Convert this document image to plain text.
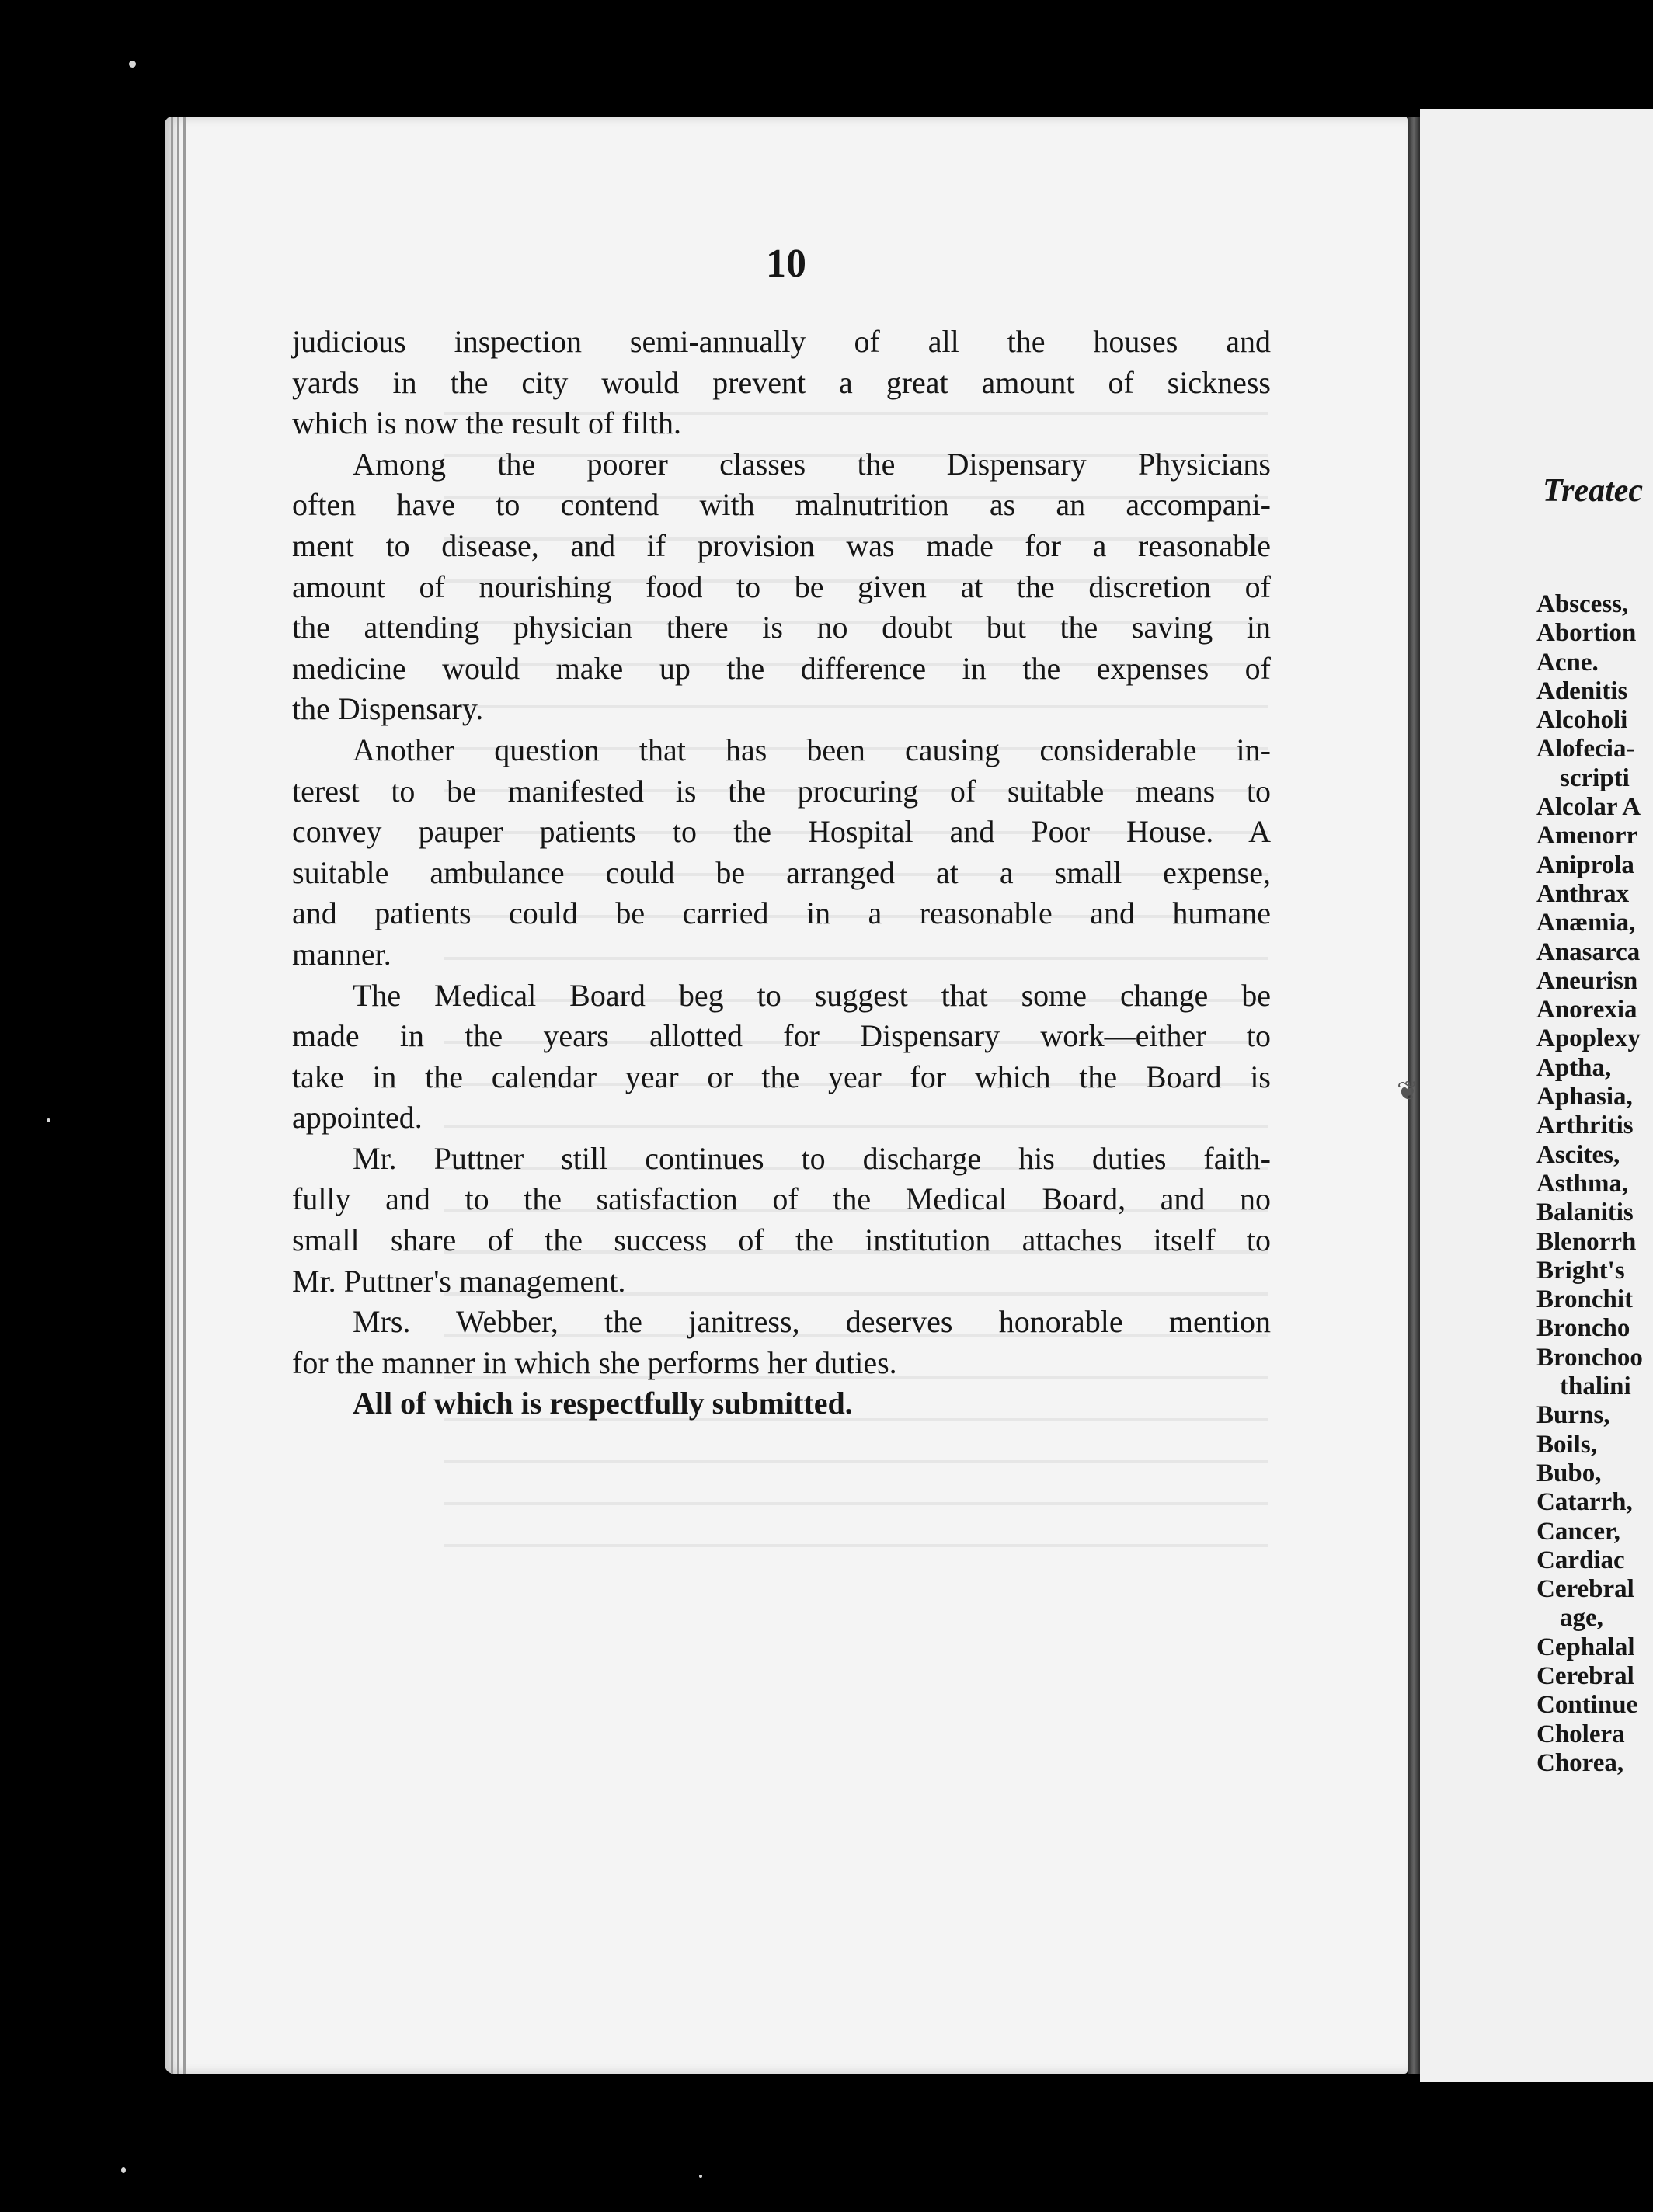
10
judicious inspection semi-annually of all the houses and
yards in the city would prevent a great amount of sickness
which is now the result of filth.
Among the poorer classes the Dispensary Physicians
often have to contend with malnutrition as an accompani-
ment to disease, and if provision was made for a reasonable
amount of nourishing food to be given at the discretion of
the attending physician there is no doubt but the saving in
medicine would make up the difference in the expenses of
the Dispensary.
Another question that has been causing considerable in-
terest to be manifested is the procuring of suitable means to
convey pauper patients to the Hospital and Poor House. A
suitable ambulance could be arranged at a small expense,
and patients could be carried in a reasonable and humane
manner.
The Medical Board beg to suggest that some change be
made in the years allotted for Dispensary work—either to
take in the calendar year or the year for which the Board is
appointed.
Mr. Puttner still continues to discharge his duties faith-
fully and to the satisfaction of the Medical Board, and no
small share of the success of the institution attaches itself to
Mr. Puttner's management.
Mrs. Webber, the janitress, deserves honorable mention
for the manner in which she performs her duties.
All of which is respectfully submitted.
❦
Treatec
Abscess,
Abortion
Acne.
Adenitis
Alcoholi
Alofecia-
scripti
Alcolar A
Amenorr
Aniprola
Anthrax
Anæmia,
Anasarca
Aneurisn
Anorexia
Apoplexy
Aptha,
Aphasia,
Arthritis
Ascites,
Asthma,
Balanitis
Blenorrh
Bright's
Bronchit
Broncho
Bronchoo
thalini
Burns,
Boils,
Bubo,
Catarrh,
Cancer,
Cardiac
Cerebral
age,
Cephalal
Cerebral
Continue
Cholera
Chorea,
